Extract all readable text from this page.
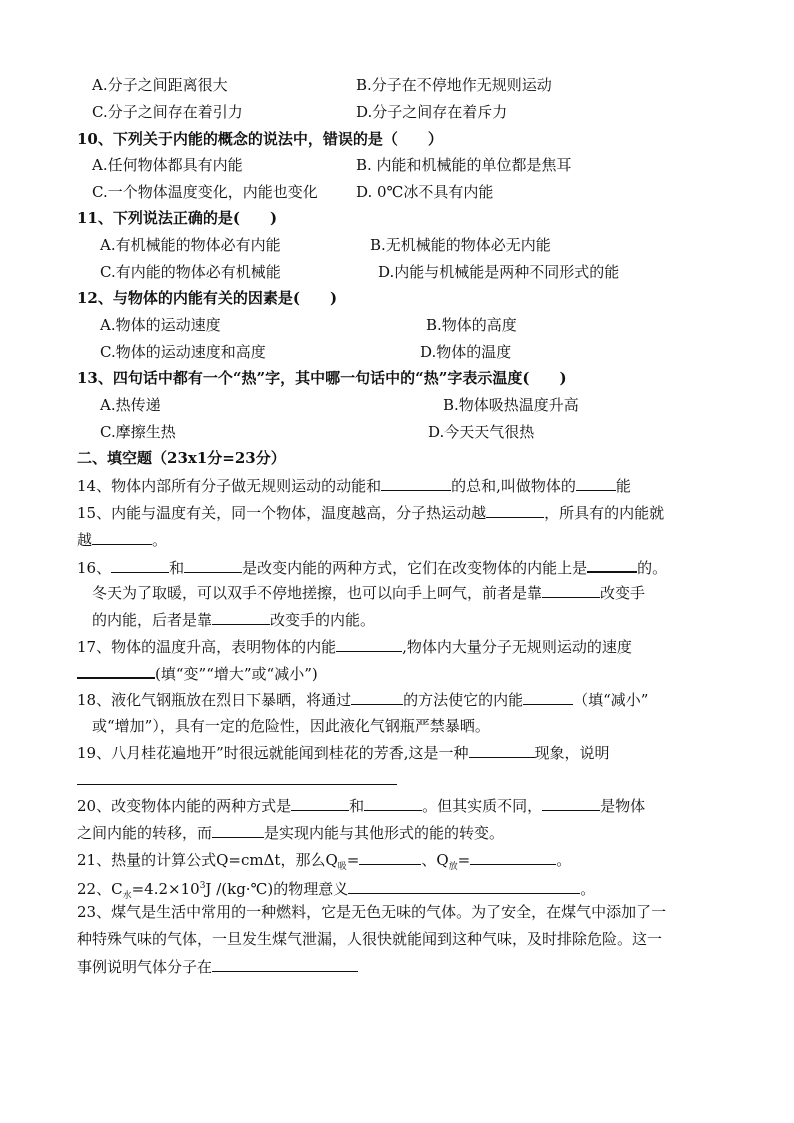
A.分子之间距离很大	B.分子在不停地作无规则运动
C.分子之间存在着引力	D.分子之间存在着斥力
10、下列关于内能的概念的说法中，错误的是（　　）
A.任何物体都具有内能	B. 内能和机械能的单位都是焦耳
C.一个物体温度变化，内能也变化	D. 0℃冰不具有内能
11、下列说法正确的是(　　)
A.有机械能的物体必有内能	B.无机械能的物体必无内能
C.有内能的物体必有机械能	D.内能与机械能是两种不同形式的能
12、与物体的内能有关的因素是(　　)
A.物体的运动速度	B.物体的高度
C.物体的运动速度和高度	D.物体的温度
13、四句话中都有一个“热”字，其中哪一句话中的“热”字表示温度(　　)
A.热传递	B.物体吸热温度升高
C.摩擦生热	D.今天天气很热
二、填空题（23x1分=23分）
14、物体内部所有分子做无规则运动的动能和	的总和,叫做物体的	能
15、内能与温度有关，同一个物体，温度越高，分子热运动越	，所具有的内能就
越	。
16、	和	是改变内能的两种方式，它们在改变物体的内能上是	的。
冬天为了取暖，可以双手不停地搓擦，也可以向手上呵气，前者是靠	改变手
的内能，后者是靠	改变手的内能。
17、物体的温度升高，表明物体的内能	,物体内大量分子无规则运动的速度
(填“变”“增大”或“减小”)
18、液化气钢瓶放在烈日下暴晒，将通过	的方法使它的内能	（填“减小”
或“增加”），具有一定的危险性，因此液化气钢瓶严禁暴晒。
19、八月桂花遍地开”时很远就能闻到桂花的芳香,这是一种	现象，说明
20、改变物体内能的两种方式是	和	。但其实质不同，	是物体
之间内能的转移，而	是实现内能与其他形式的能的转变。
21、热量的计算公式Q=cmΔt，那么$Q_吸=$	、$Q_放=$	。
22、$C_水=4.2\times 10^3J$ /(kg·℃)的物理意义	。
23、煤气是生活中常用的一种燃料，它是无色无味的气体。为了安全，在煤气中添加了一
种特殊气味的气体，一旦发生煤气泄漏，人很快就能闻到这种气味，及时排除危险。这一
事例说明气体分子在
